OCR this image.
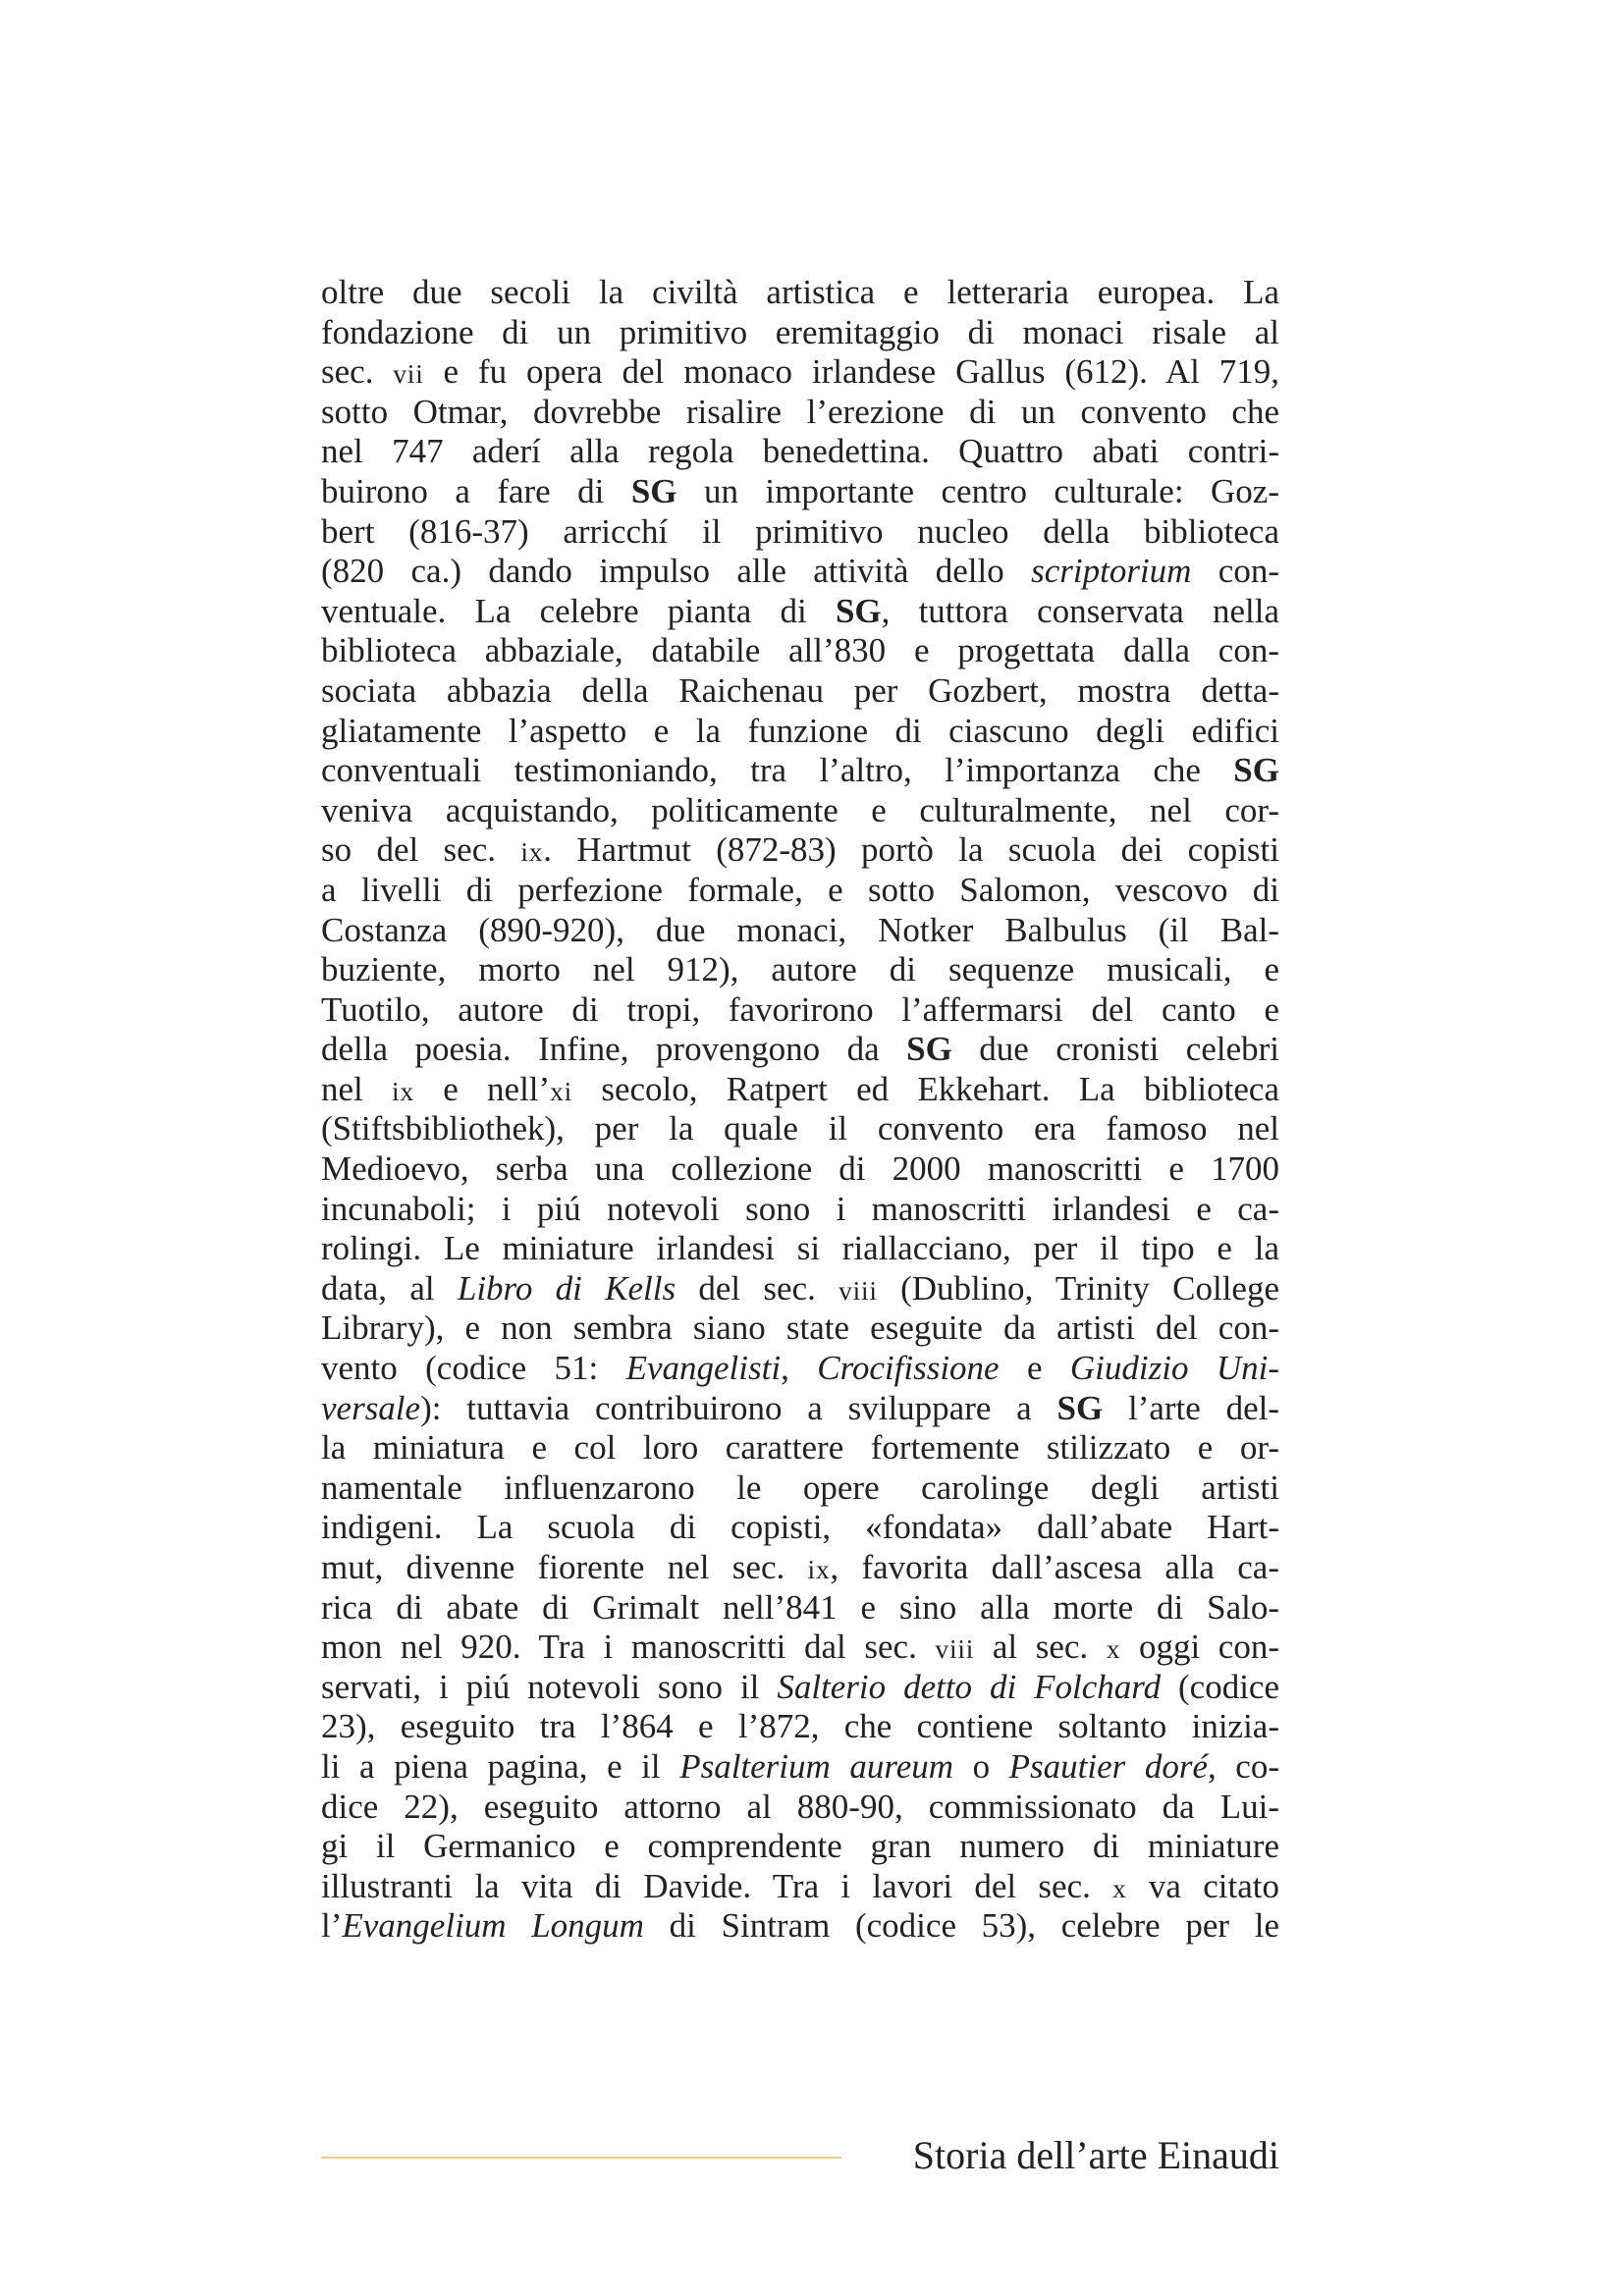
oltre due secoli la civiltà artistica e letteraria europea. La
fondazione di un primitivo eremitaggio di monaci risale al
sec. vii e fu opera del monaco irlandese Gallus (612). Al 719,
sotto Otmar, dovrebbe risalire l’erezione di un convento che
nel 747 aderí alla regola benedettina. Quattro abati contri-
buirono a fare di SG un importante centro culturale: Goz-
bert (816-37) arricchí il primitivo nucleo della biblioteca
(820 ca.) dando impulso alle attività dello scriptorium con-
ventuale. La celebre pianta di SG, tuttora conservata nella
biblioteca abbaziale, databile all’830 e progettata dalla con-
sociata abbazia della Raichenau per Gozbert, mostra detta-
gliatamente l’aspetto e la funzione di ciascuno degli edifici
conventuali testimoniando, tra l’altro, l’importanza che SG
veniva acquistando, politicamente e culturalmente, nel cor-
so del sec. ix. Hartmut (872-83) portò la scuola dei copisti
a livelli di perfezione formale, e sotto Salomon, vescovo di
Costanza (890-920), due monaci, Notker Balbulus (il Bal-
buziente, morto nel 912), autore di sequenze musicali, e
Tuotilo, autore di tropi, favorirono l’affermarsi del canto e
della poesia. Infine, provengono da SG due cronisti celebri
nel ix e nell’xi secolo, Ratpert ed Ekkehart. La biblioteca
(Stiftsbibliothek), per la quale il convento era famoso nel
Medioevo, serba una collezione di 2000 manoscritti e 1700
incunaboli; i piú notevoli sono i manoscritti irlandesi e ca-
rolingi. Le miniature irlandesi si riallacciano, per il tipo e la
data, al Libro di Kells del sec. viii (Dublino, Trinity College
Library), e non sembra siano state eseguite da artisti del con-
vento (codice 51: Evangelisti, Crocifissione e Giudizio Uni-
versale): tuttavia contribuirono a sviluppare a SG l’arte del-
la miniatura e col loro carattere fortemente stilizzato e or-
namentale influenzarono le opere carolinge degli artisti
indigeni. La scuola di copisti, «fondata» dall’abate Hart-
mut, divenne fiorente nel sec. ix, favorita dall’ascesa alla ca-
rica di abate di Grimalt nell’841 e sino alla morte di Salo-
mon nel 920. Tra i manoscritti dal sec. viii al sec. x oggi con-
servati, i piú notevoli sono il Salterio detto di Folchard (codice
23), eseguito tra l’864 e l’872, che contiene soltanto inizia-
li a piena pagina, e il Psalterium aureum o Psautier doré, co-
dice 22), eseguito attorno al 880-90, commissionato da Lui-
gi il Germanico e comprendente gran numero di miniature
illustranti la vita di Davide. Tra i lavori del sec. x va citato
l’Evangelium Longum di Sintram (codice 53), celebre per le
Storia dell’arte Einaudi
